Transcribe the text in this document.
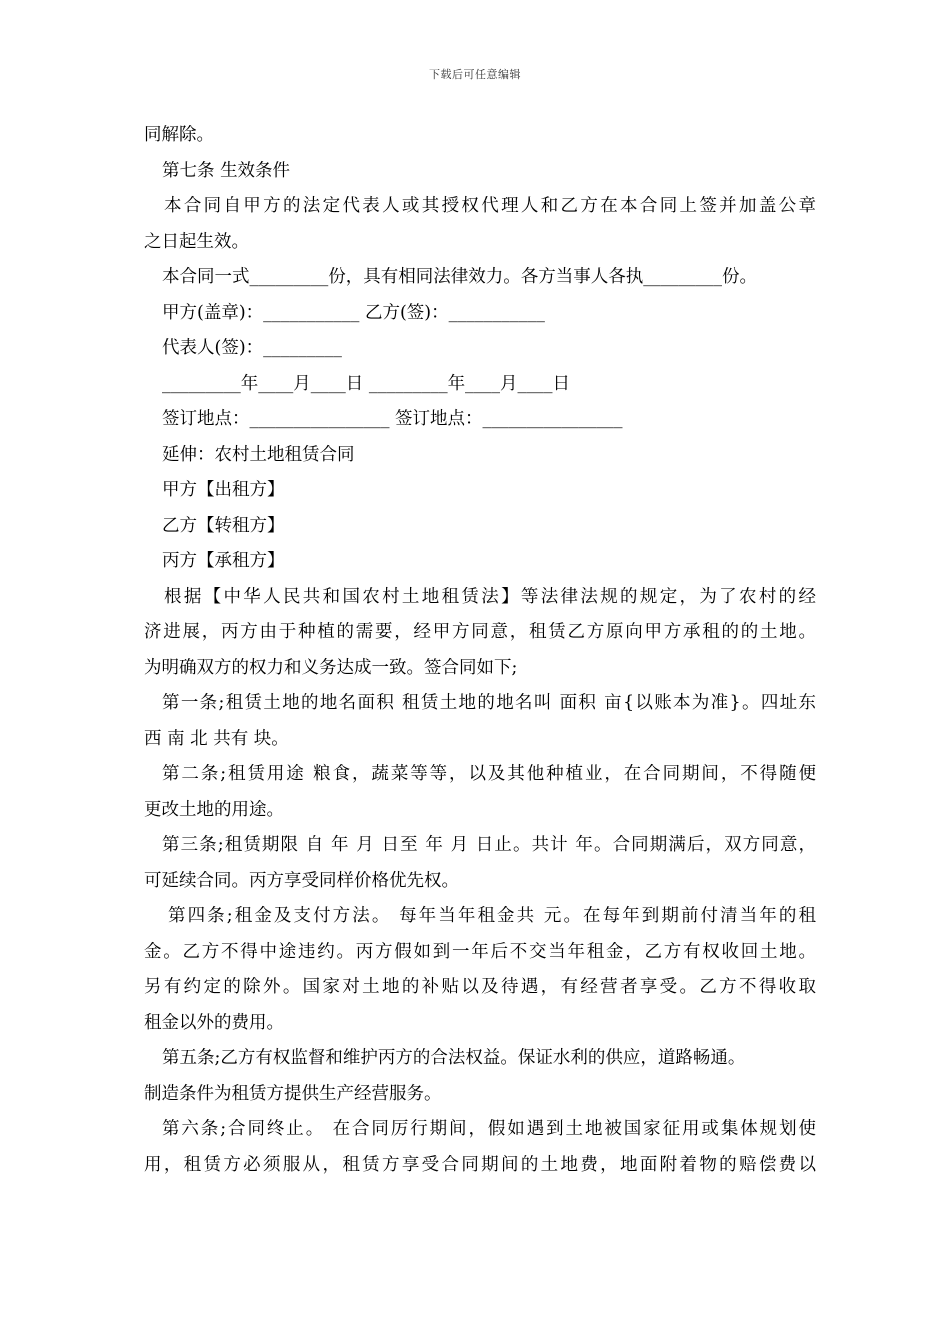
下载后可任意编辑
同解除。
第七条 生效条件
本合同自甲方的法定代表人或其授权代理人和乙方在本合同上签并加盖公章
之日起生效。
本合同一式_________份，具有相同法律效力。各方当事人各执_________份。
甲方(盖章)：___________ 乙方(签)：___________
代表人(签)：_________
_________年____月____日 _________年____月____日
签订地点：________________ 签订地点：________________
延伸：农村土地租赁合同
甲方【出租方】
乙方【转租方】
丙方【承租方】
根据【中华人民共和国农村土地租赁法】等法律法规的规定，为了农村的经
济进展，丙方由于种植的需要，经甲方同意，租赁乙方原向甲方承租的的土地。
为明确双方的权力和义务达成一致。签合同如下;
第一条;租赁土地的地名面积 租赁土地的地名叫 面积 亩{以账本为准}。四址东
西 南 北 共有 块。
第二条;租赁用途 粮食，蔬菜等等，以及其他种植业，在合同期间，不得随便
更改土地的用途。
第三条;租赁期限 自 年 月 日至 年 月 日止。共计 年。合同期满后，双方同意，
可延续合同。丙方享受同样价格优先权。
第四条;租金及支付方法。 每年当年租金共 元。在每年到期前付清当年的租
金。乙方不得中途违约。丙方假如到一年后不交当年租金，乙方有权收回土地。
另有约定的除外。国家对土地的补贴以及待遇，有经营者享受。乙方不得收取
租金以外的费用。
第五条;乙方有权监督和维护丙方的合法权益。保证水利的供应，道路畅通。
制造条件为租赁方提供生产经营服务。
第六条;合同终止。 在合同厉行期间，假如遇到土地被国家征用或集体规划使
用，租赁方必须服从，租赁方享受合同期间的土地费，地面附着物的赔偿费以
